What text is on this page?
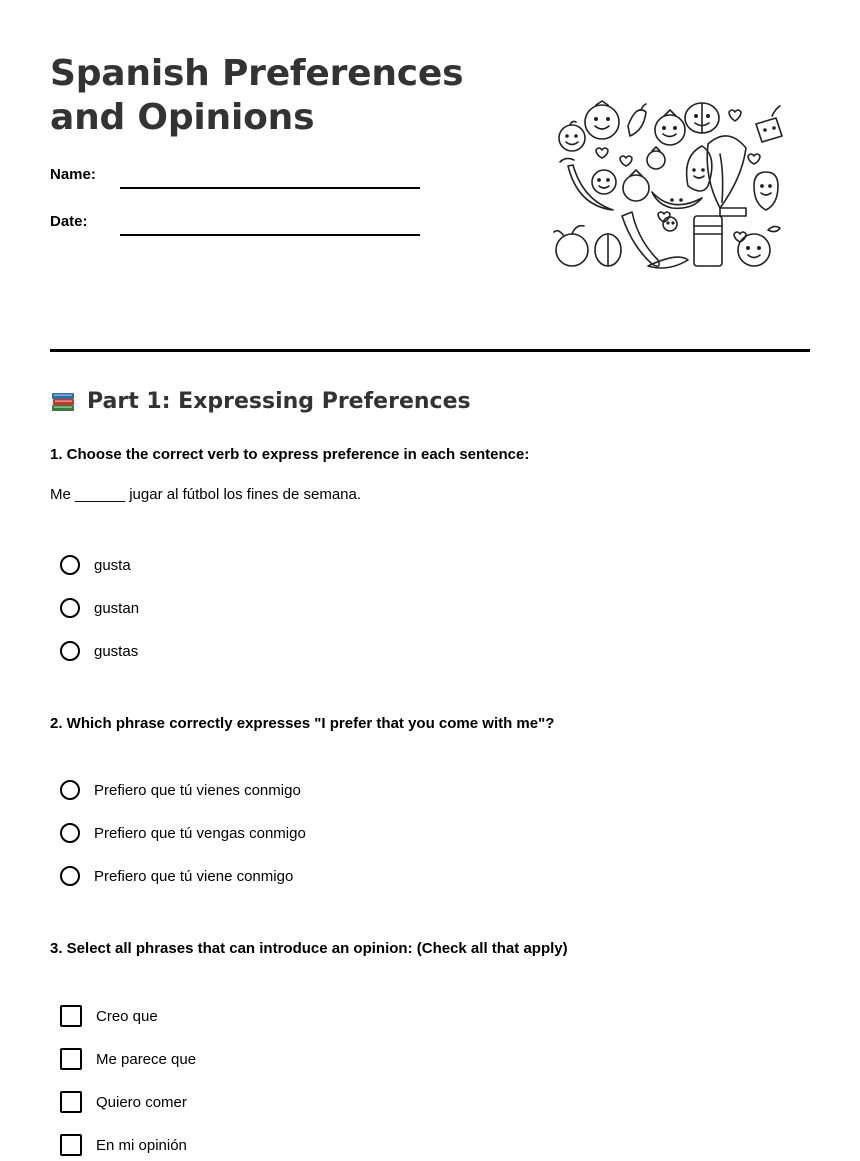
Spanish Preferences and Opinions
Name:
Date:
Part 1: Expressing Preferences
1. Choose the correct verb to express preference in each sentence:
Me ______ jugar al fútbol los fines de semana.
gusta
gustan
gustas
2. Which phrase correctly expresses "I prefer that you come with me"?
Prefiero que tú vienes conmigo
Prefiero que tú vengas conmigo
Prefiero que tú viene conmigo
3. Select all phrases that can introduce an opinion: (Check all that apply)
Creo que
Me parece que
Quiero comer
En mi opinión
